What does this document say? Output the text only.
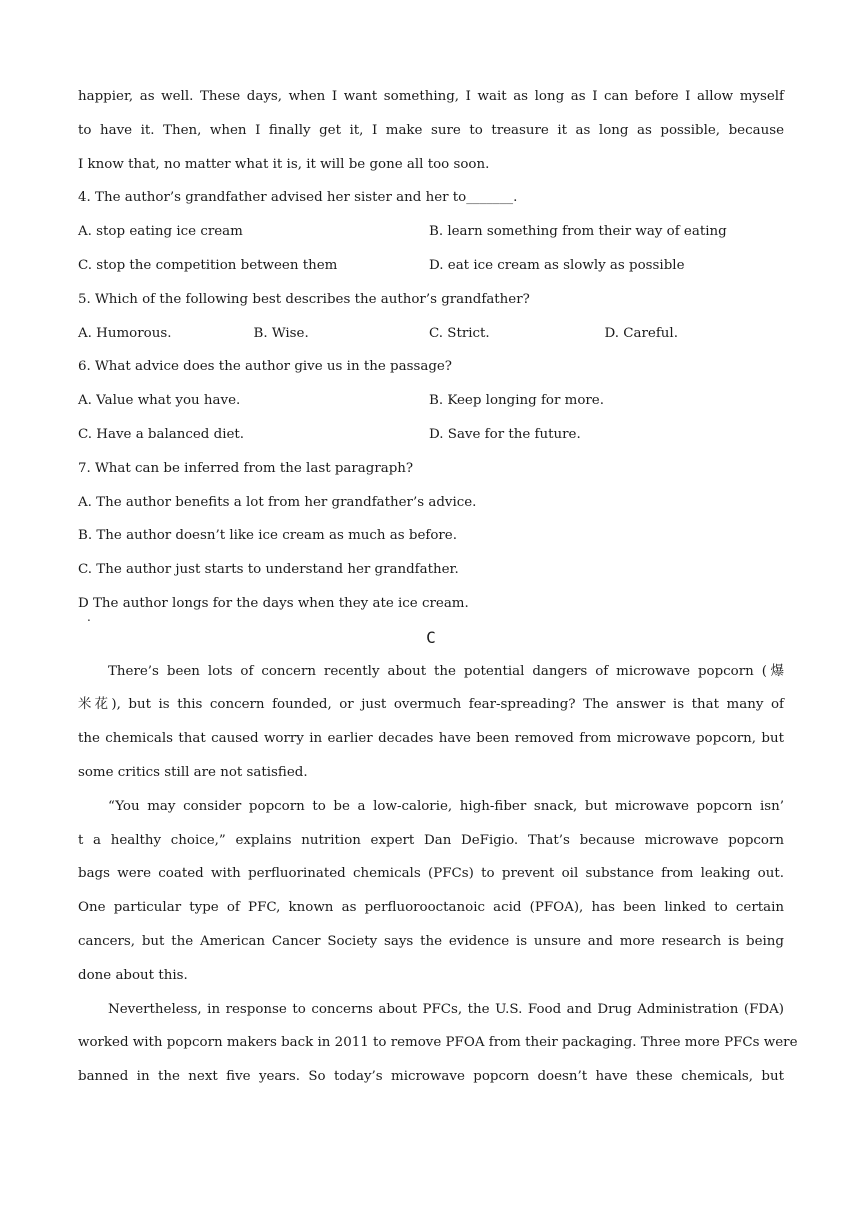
happier, as well. These days, when I want something, I wait as long as I can before I allow myself
to have it. Then, when I finally get it, I make sure to treasure it as long as possible, because
I know that, no matter what it is, it will be gone all too soon.
4. The author’s grandfather advised her sister and her to_______.
A. stop eating ice cream	B. learn something from their way of eating
C. stop the competition between them	D. eat ice cream as slowly as possible
5. Which of the following best describes the author’s grandfather?
A. Humorous.	B. Wise.	C. Strict.	D. Careful.
6. What advice does the author give us in the passage?
A. Value what you have.	B. Keep longing for more.
C. Have a balanced diet.	D. Save for the future.
7. What can be inferred from the last paragraph?
A. The author benefits a lot from her grandfather’s advice.
B. The author doesn’t like ice cream as much as before.
C. The author just starts to understand her grandfather.
D The author longs for the days when they ate ice cream.
.
C
There’s been lots of concern recently about the potential dangers of microwave popcorn (爆
米花), but is this concern founded, or just overmuch fear-spreading? The answer is that many of
the chemicals that caused worry in earlier decades have been removed from microwave popcorn, but
some critics still are not satisfied.
“You may consider popcorn to be a low-calorie, high-fiber snack, but microwave popcorn isn’
t a healthy choice,” explains nutrition expert Dan DeFigio. That’s because microwave popcorn
bags were coated with perfluorinated chemicals (PFCs) to prevent oil substance from leaking out.
One particular type of PFC, known as perfluorooctanoic acid (PFOA), has been linked to certain
cancers, but the American Cancer Society says the evidence is unsure and more research is being
done about this.
Nevertheless, in response to concerns about PFCs, the U.S. Food and Drug Administration (FDA)
worked with popcorn makers back in 2011 to remove PFOA from their packaging. Three more PFCs were
banned in the next five years. So today’s microwave popcorn doesn’t have these chemicals, but
